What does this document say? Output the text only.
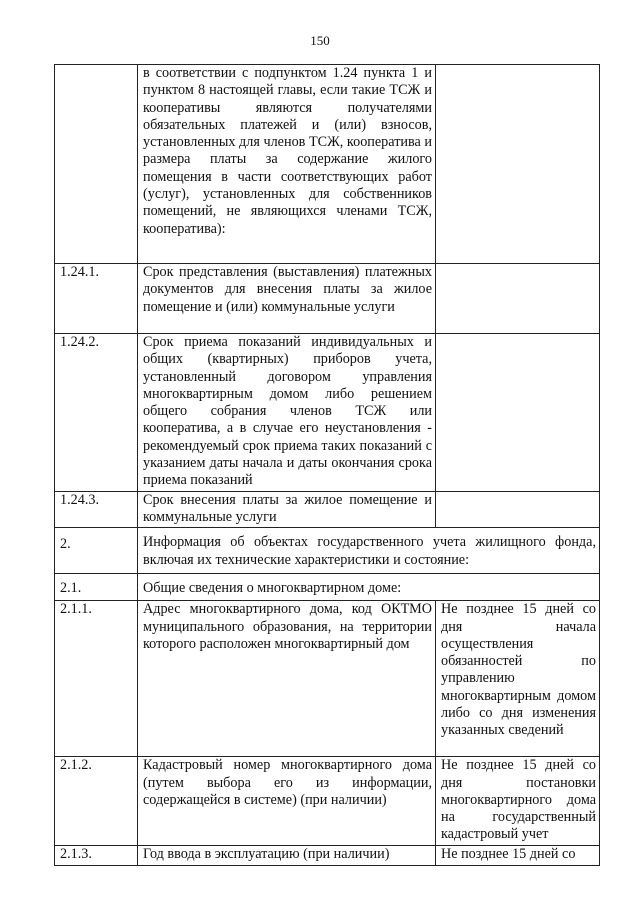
150
	в соответствии с подпунктом 1.24 пункта 1 и пунктом 8 настоящей главы, если такие ТСЖ и кооперативы являются получателями обязательных платежей и (или) взносов, установленных для членов ТСЖ, кооператива и размера платы за содержание жилого помещения в части соответствующих работ (услуг), установленных для собственников помещений, не являющихся членами ТСЖ, кооператива):	
1.24.1.	Срок представления (выставления) платежных документов для внесения платы за жилое помещение и (или) коммунальные услуги	
1.24.2.	Срок приема показаний индивидуальных и общих (квартирных) приборов учета, установленный договором управления многоквартирным домом либо решением общего собрания членов ТСЖ или кооператива, а в случае его неустановления - рекомендуемый срок приема таких показаний с указанием даты начала и даты окончания срока приема показаний	
1.24.3.	Срок внесения платы за жилое помещение и коммунальные услуги	
2.	Информация об объектах государственного учета жилищного фонда, включая их технические характеристики и состояние:	
2.1.	Общие сведения о многоквартирном доме:	
2.1.1.	Адрес многоквартирного дома, код ОКТМО муниципального образования, на территории которого расположен многоквартирный дом	Не позднее 15 дней со дня начала осуществления обязанностей по управлению многоквартирным домом либо со дня изменения указанных сведений
2.1.2.	Кадастровый номер многоквартирного дома (путем выбора его из информации, содержащейся в системе) (при наличии)	Не позднее 15 дней со дня постановки многоквартирного дома на государственный кадастровый учет
2.1.3.	Год ввода в эксплуатацию (при наличии)	Не позднее 15 дней со
